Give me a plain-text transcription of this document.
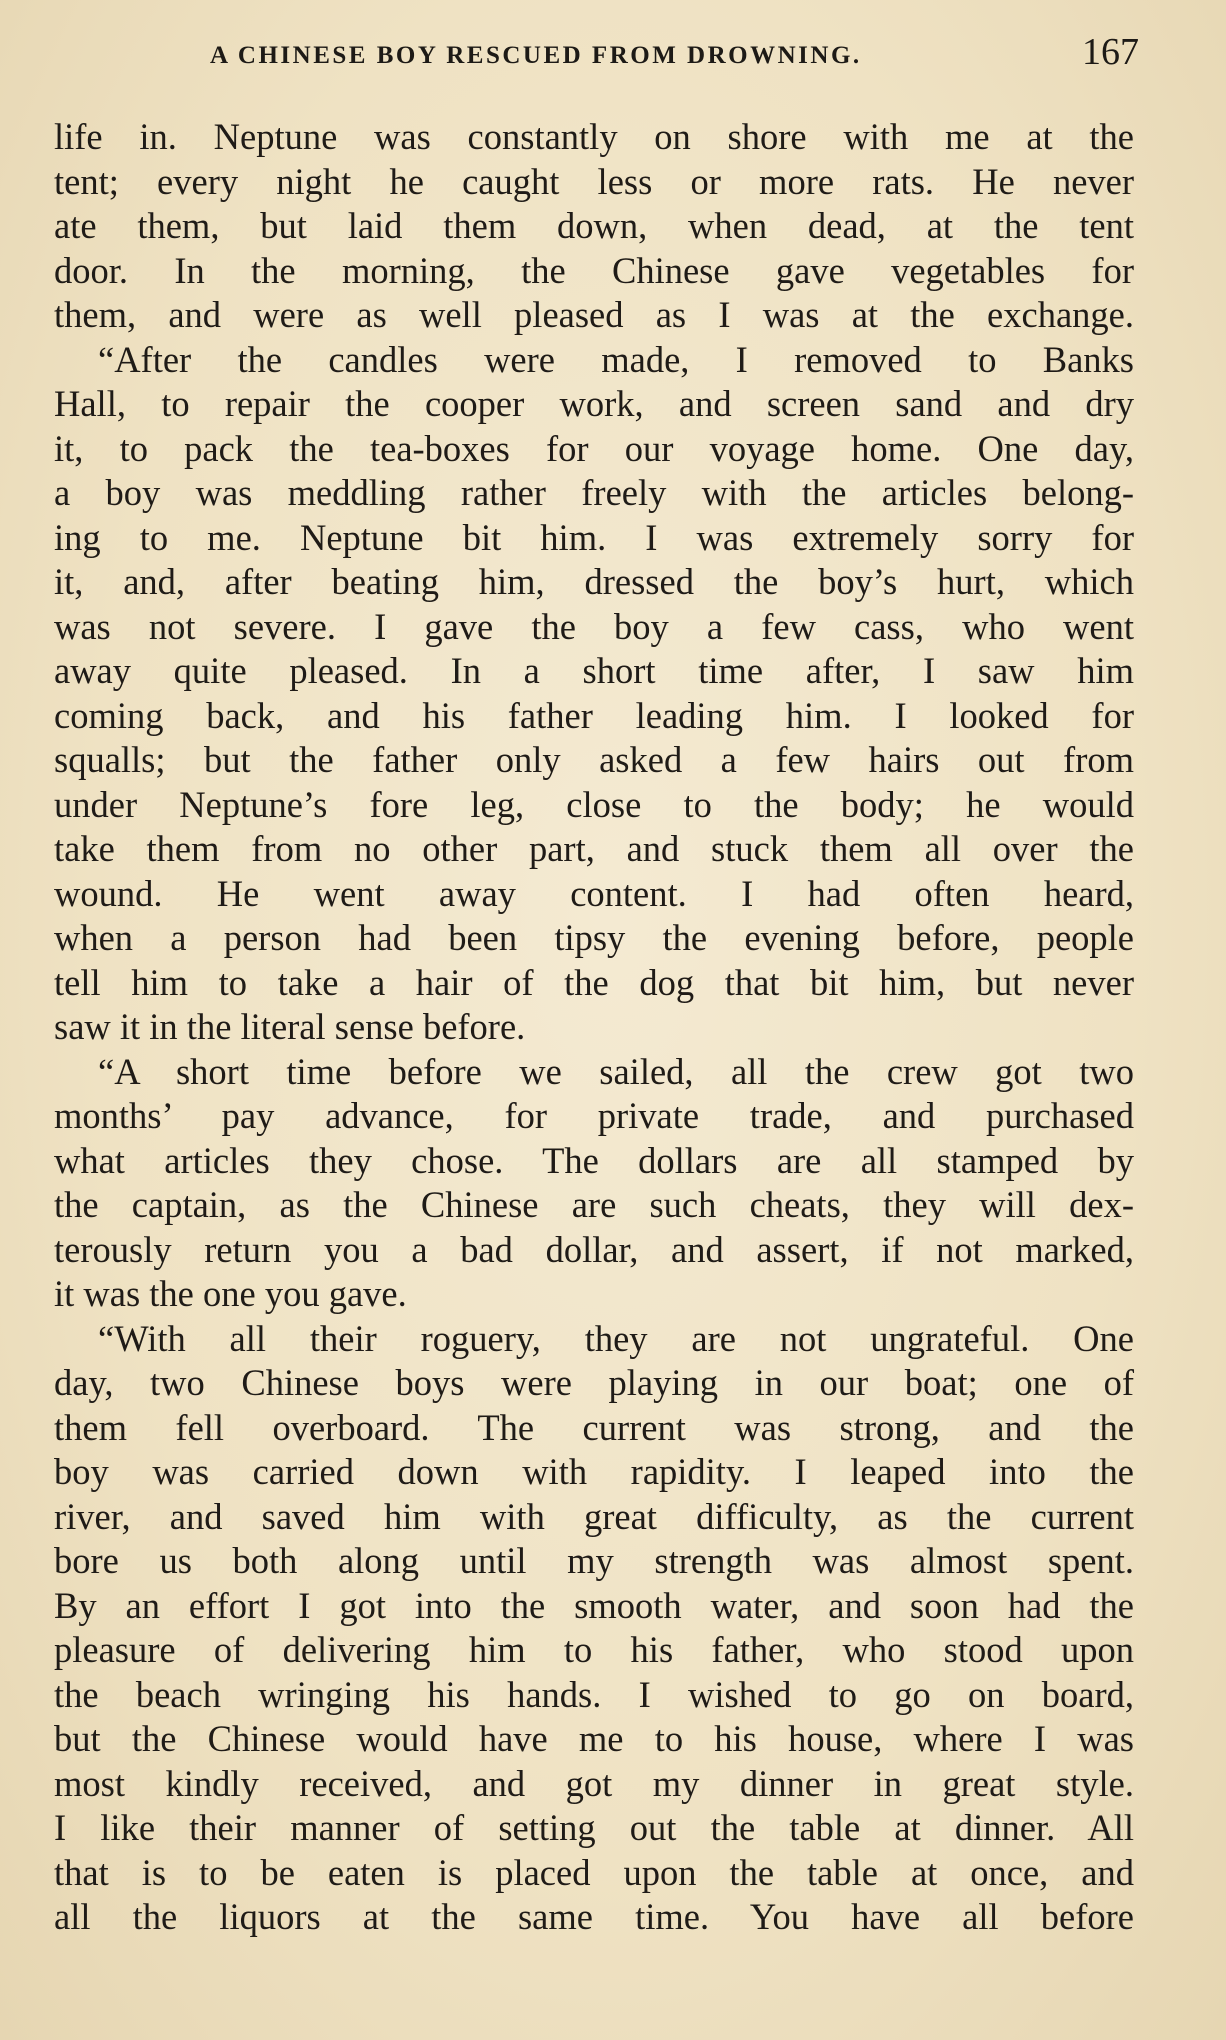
A CHINESE BOY RESCUED FROM DROWNING.	167
life in. Neptune was constantly on shore with me at the
tent; every night he caught less or more rats. He never
ate them, but laid them down, when dead, at the tent
door. In the morning, the Chinese gave vegetables for
them, and were as well pleased as I was at the exchange.
“After the candles were made, I removed to Banks
Hall, to repair the cooper work, and screen sand and dry
it, to pack the tea-boxes for our voyage home. One day,
a boy was meddling rather freely with the articles belong-
ing to me. Neptune bit him. I was extremely sorry for
it, and, after beating him, dressed the boy’s hurt, which
was not severe. I gave the boy a few cass, who went
away quite pleased. In a short time after, I saw him
coming back, and his father leading him. I looked for
squalls; but the father only asked a few hairs out from
under Neptune’s fore leg, close to the body; he would
take them from no other part, and stuck them all over the
wound. He went away content. I had often heard,
when a person had been tipsy the evening before, people
tell him to take a hair of the dog that bit him, but never
saw it in the literal sense before.
“A short time before we sailed, all the crew got two
months’ pay advance, for private trade, and purchased
what articles they chose. The dollars are all stamped by
the captain, as the Chinese are such cheats, they will dex-
terously return you a bad dollar, and assert, if not marked,
it was the one you gave.
“With all their roguery, they are not ungrateful. One
day, two Chinese boys were playing in our boat; one of
them fell overboard. The current was strong, and the
boy was carried down with rapidity. I leaped into the
river, and saved him with great difficulty, as the current
bore us both along until my strength was almost spent.
By an effort I got into the smooth water, and soon had the
pleasure of delivering him to his father, who stood upon
the beach wringing his hands. I wished to go on board,
but the Chinese would have me to his house, where I was
most kindly received, and got my dinner in great style.
I like their manner of setting out the table at dinner. All
that is to be eaten is placed upon the table at once, and
all the liquors at the same time. You have all before
